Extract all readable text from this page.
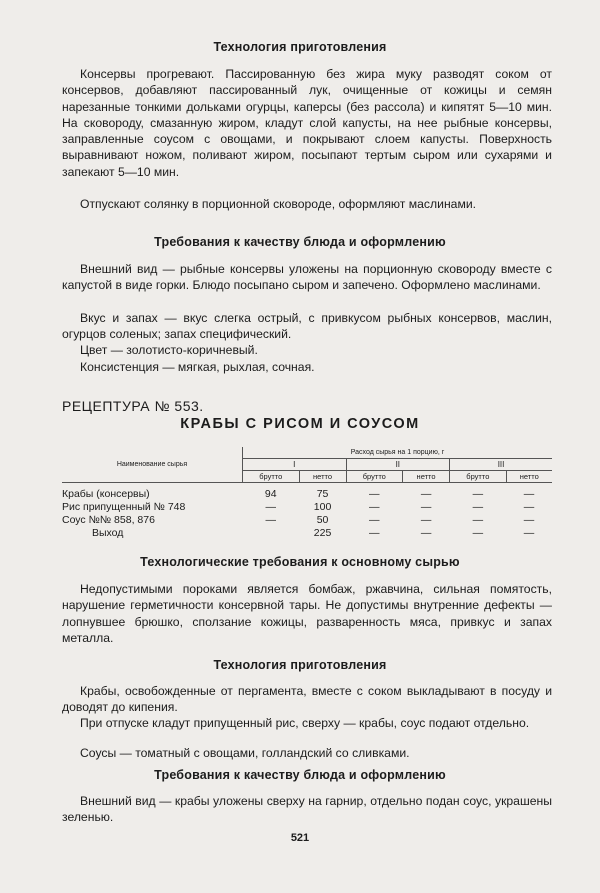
Технология приготовления

Консервы прогревают. Пассированную без жира муку разводят соком от консервов, добавляют пассированный лук, очищенные от кожицы и семян нарезанные тонкими дольками огурцы, каперсы (без рассола) и кипятят 5—10 мин. На сковороду, смазанную жиром, кладут слой капусты, на нее рыбные консервы, заправленные соусом с овощами, и покрывают слоем капусты. Поверхность выравнивают ножом, поливают жиром, посыпают тертым сыром или сухарями и запекают 5—10 мин.

Отпускают солянку в порционной сковороде, оформляют маслинами.

Требования к качеству блюда и оформлению

Внешний вид — рыбные консервы уложены на порционную сковороду вместе с капустой в виде горки. Блюдо посыпано сыром и запечено. Оформлено маслинами.

Вкус и запах — вкус слегка острый, с привкусом рыбных консервов, маслин, огурцов соленых; запах специфический.

Цвет — золотисто-коричневый.

Консистенция — мягкая, рыхлая, сочная.

РЕЦЕПТУРА № 553.

КРАБЫ С РИСОМ И СОУСОМ
Наименование сырья	Расход сырья на 1 порцию, г					
	I		II		III	
	брутто	нетто	брутто	нетто	брутто	нетто
Крабы (консервы)	94	75	—	—	—	—
Рис припущенный № 748	—	100	—	—	—	—
Соус №№ 858, 876	—	50	—	—	—	—
Выход		225	—	—	—	—
Технологические требования к основному сырью

Недопустимыми пороками является бомбаж, ржавчина, сильная помятость, нарушение герметичности консервной тары. Не допустимы внутренние дефекты — лопнувшее брюшко, сползание кожицы, разваренность мяса, привкус и запах металла.

Технология приготовления

Крабы, освобожденные от пергамента, вместе с соком выкладывают в посуду и доводят до кипения.

При отпуске кладут припущенный рис, сверху — крабы, соус подают отдельно.

Соусы — томатный с овощами, голландский со сливками.

Требования к качеству блюда и оформлению

Внешний вид — крабы уложены сверху на гарнир, отдельно подан соус, украшены зеленью.

521
